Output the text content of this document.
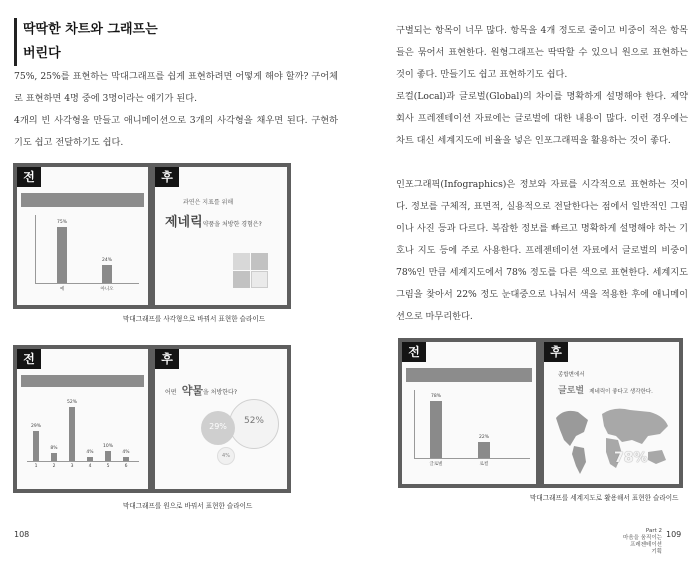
딱딱한 차트와 그래프는
버린다
75%, 25%를 표현하는 막대그래프를 쉽게 표현하려면 어떻게 해야 할까? 구어체로 표현하면 4명 중에 3명이라는 얘기가 된다.
4개의 빈 사각형을 만들고 애니메이션으로 3개의 사각형을 채우면 된다. 구현하기도 쉽고 전달하기도 쉽다.
전
75%
예
24%
아니오
후
과연은 지표를 위해
제네릭약품을 처방한 경험은?
막대그래프를 사각형으로 바꿔서 표현한 슬라이드
전
29%
1
8%
2
52%
3
4%
4
10%
5
4%
6
후
어떤 약물을 처방한다?
52%
29%
4%
막대그래프를 원으로 바꿔서 표현한 슬라이드
108
구별되는 항목이 너무 많다. 항목을 4개 정도로 줄이고 비중이 적은 항목들은 묶어서 표현한다. 원형그래프는 딱딱할 수 있으니 원으로 표현하는 것이 좋다. 만들기도 쉽고 표현하기도 쉽다.
로컬(Local)과 글로벌(Global)의 차이를 명확하게 설명해야 한다. 제약회사 프레젠테이션 자료에는 글로벌에 대한 내용이 많다. 이런 경우에는 차트 대신 세계지도에 비율을 넣은 인포그래픽을 활용하는 것이 좋다.
인포그래픽(Infographics)은 정보와 자료를 시각적으로 표현하는 것이다. 정보를 구체적, 표면적, 실용적으로 전달한다는 점에서 일반적인 그림이나 사진 등과 다르다. 복잡한 정보를 빠르고 명확하게 설명해야 하는 기호나 지도 등에 주로 사용한다. 프레젠테이션 자료에서 글로벌의 비중이 78%인 만큼 세계지도에서 78% 정도를 다른 색으로 표현한다. 세계지도 그림을 찾아서 22% 정도 눈대중으로 나눠서 색을 적용한 후에 애니메이션으로 마무리한다.
전
78%
글로벌
22%
로컬
후
종합변에서
글로벌 제네릭이 좋다고 생각한다.
78%
막대그래프를 세계지도로 활용해서 표현한 슬라이드
Part 2
마음을 움직이는
프레젠테이션
기획
109
